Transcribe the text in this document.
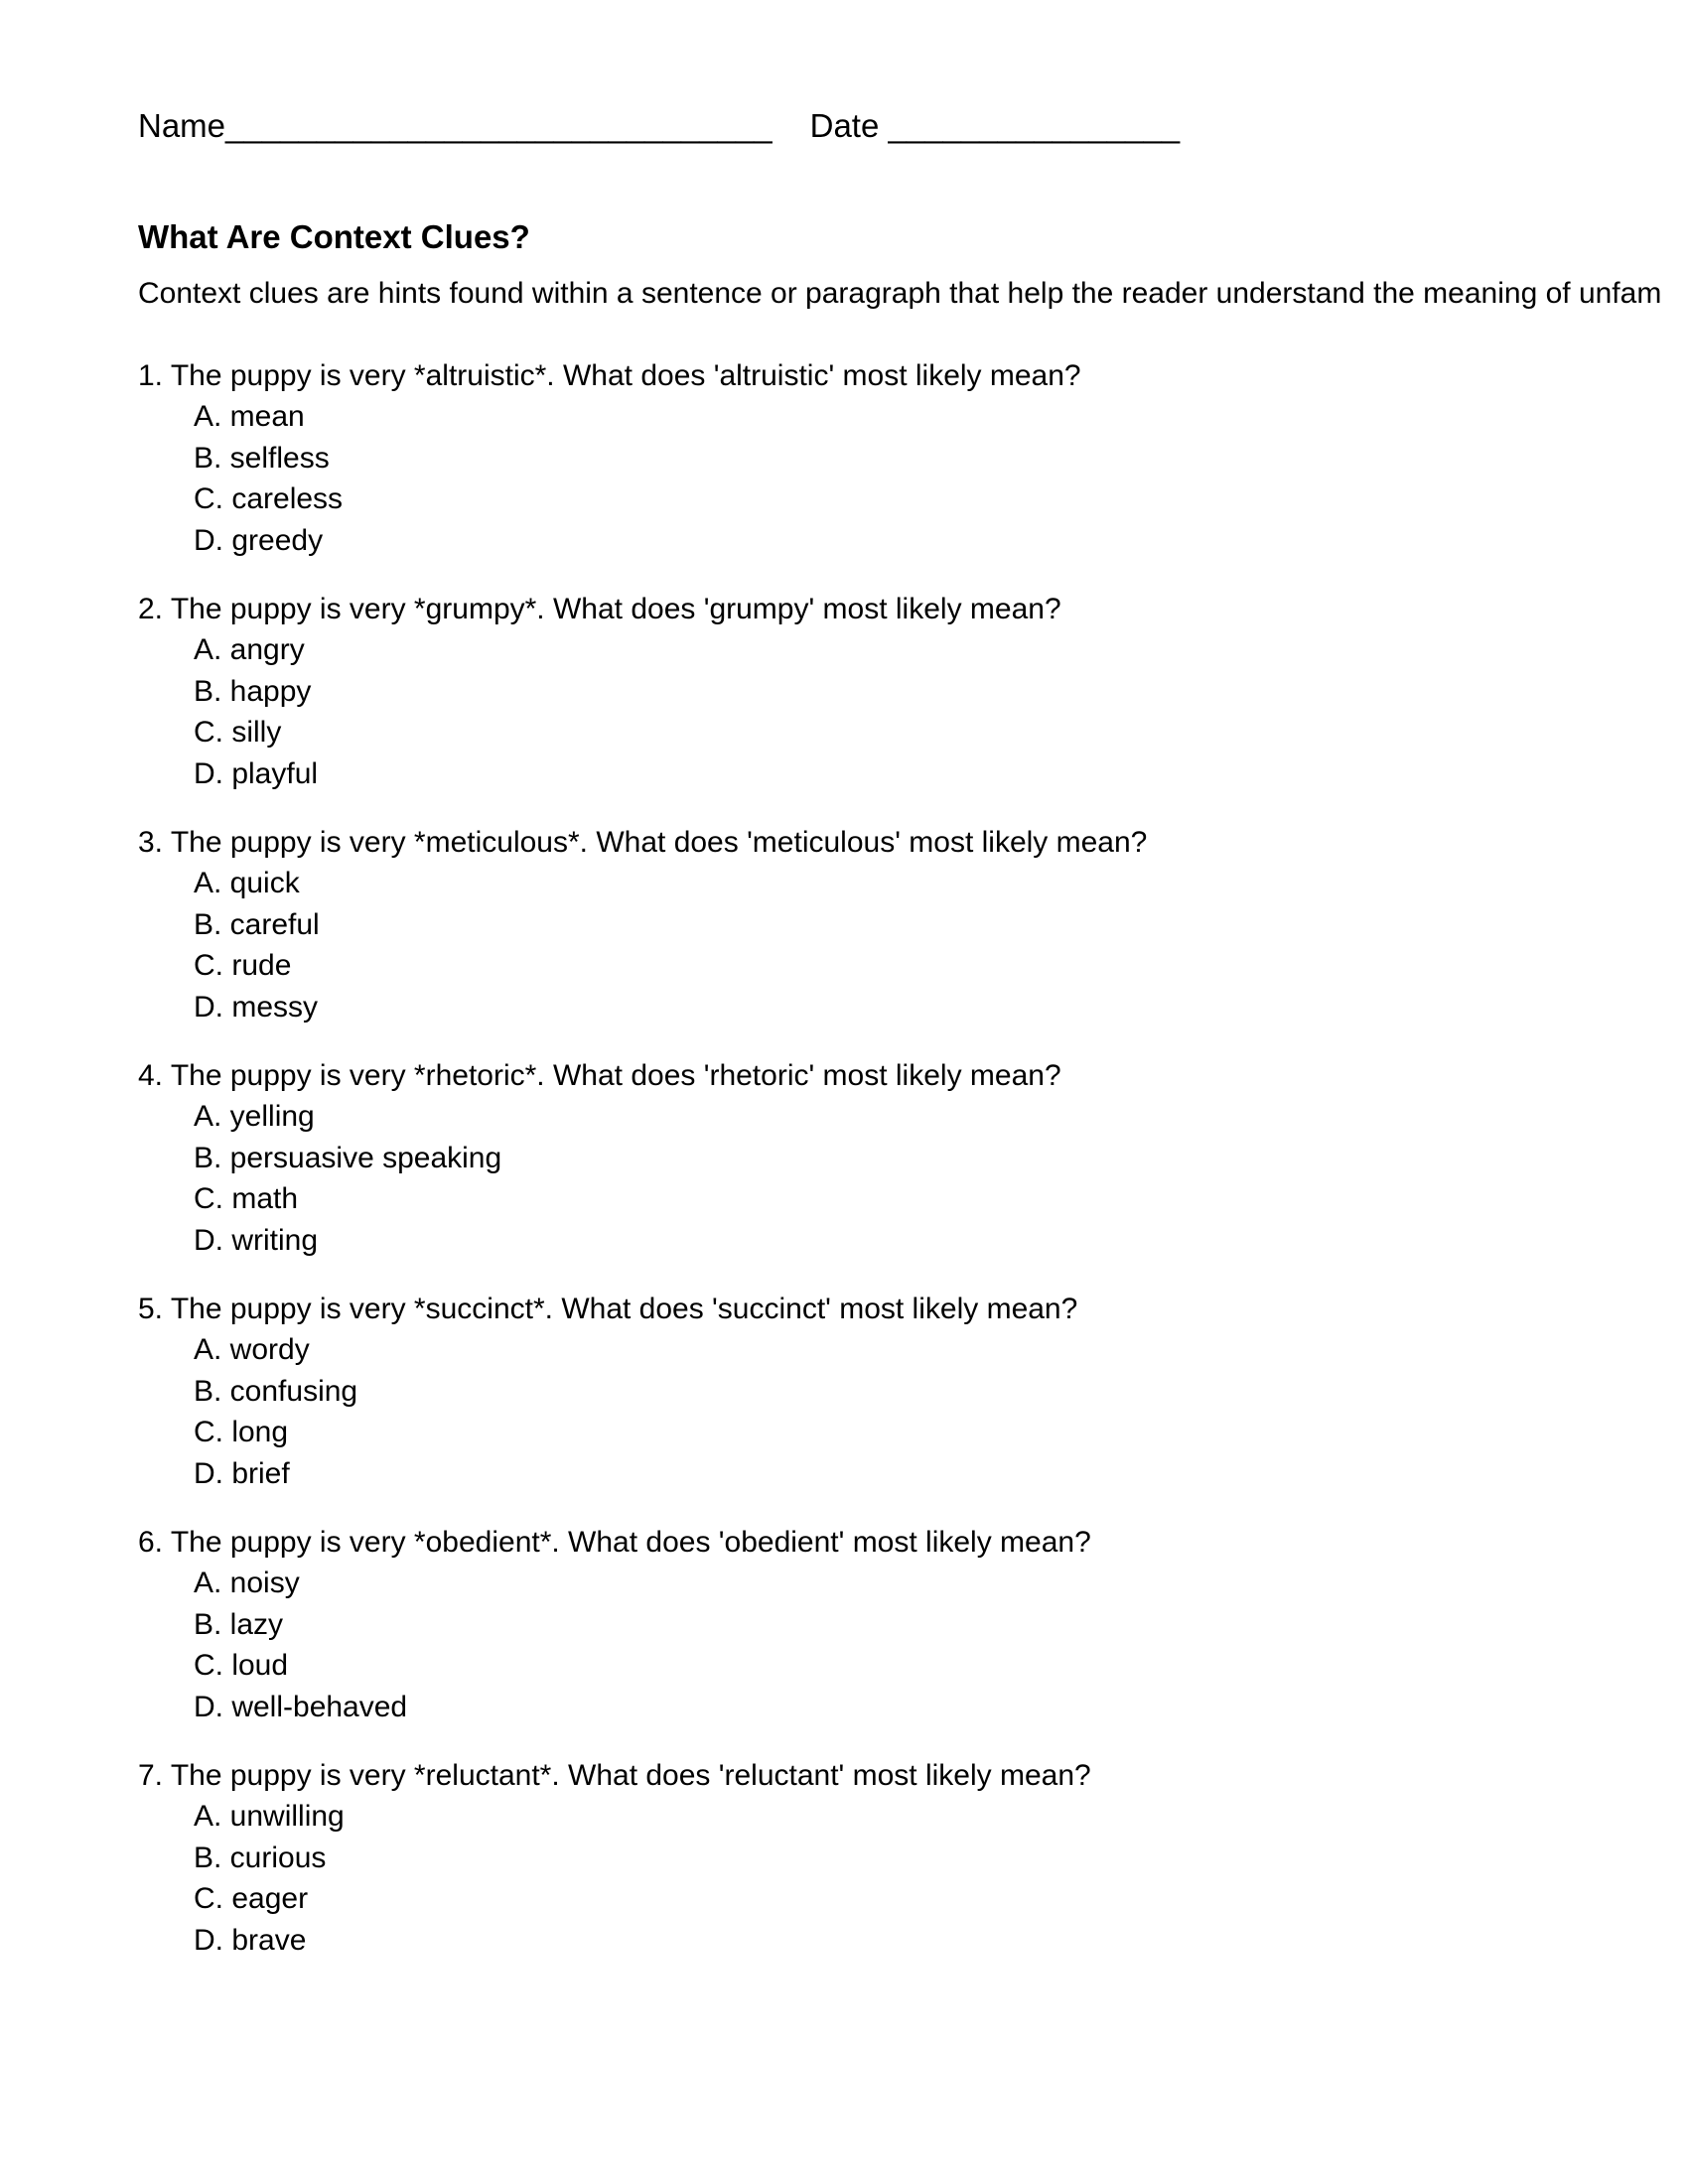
Name______________________________ Date ________________
What Are Context Clues?
Context clues are hints found within a sentence or paragraph that help the reader understand the meaning of unfam
1. The puppy is very *altruistic*. What does 'altruistic' most likely mean?
A. mean
B. selfless
C. careless
D. greedy
2. The puppy is very *grumpy*. What does 'grumpy' most likely mean?
A. angry
B. happy
C. silly
D. playful
3. The puppy is very *meticulous*. What does 'meticulous' most likely mean?
A. quick
B. careful
C. rude
D. messy
4. The puppy is very *rhetoric*. What does 'rhetoric' most likely mean?
A. yelling
B. persuasive speaking
C. math
D. writing
5. The puppy is very *succinct*. What does 'succinct' most likely mean?
A. wordy
B. confusing
C. long
D. brief
6. The puppy is very *obedient*. What does 'obedient' most likely mean?
A. noisy
B. lazy
C. loud
D. well-behaved
7. The puppy is very *reluctant*. What does 'reluctant' most likely mean?
A. unwilling
B. curious
C. eager
D. brave
